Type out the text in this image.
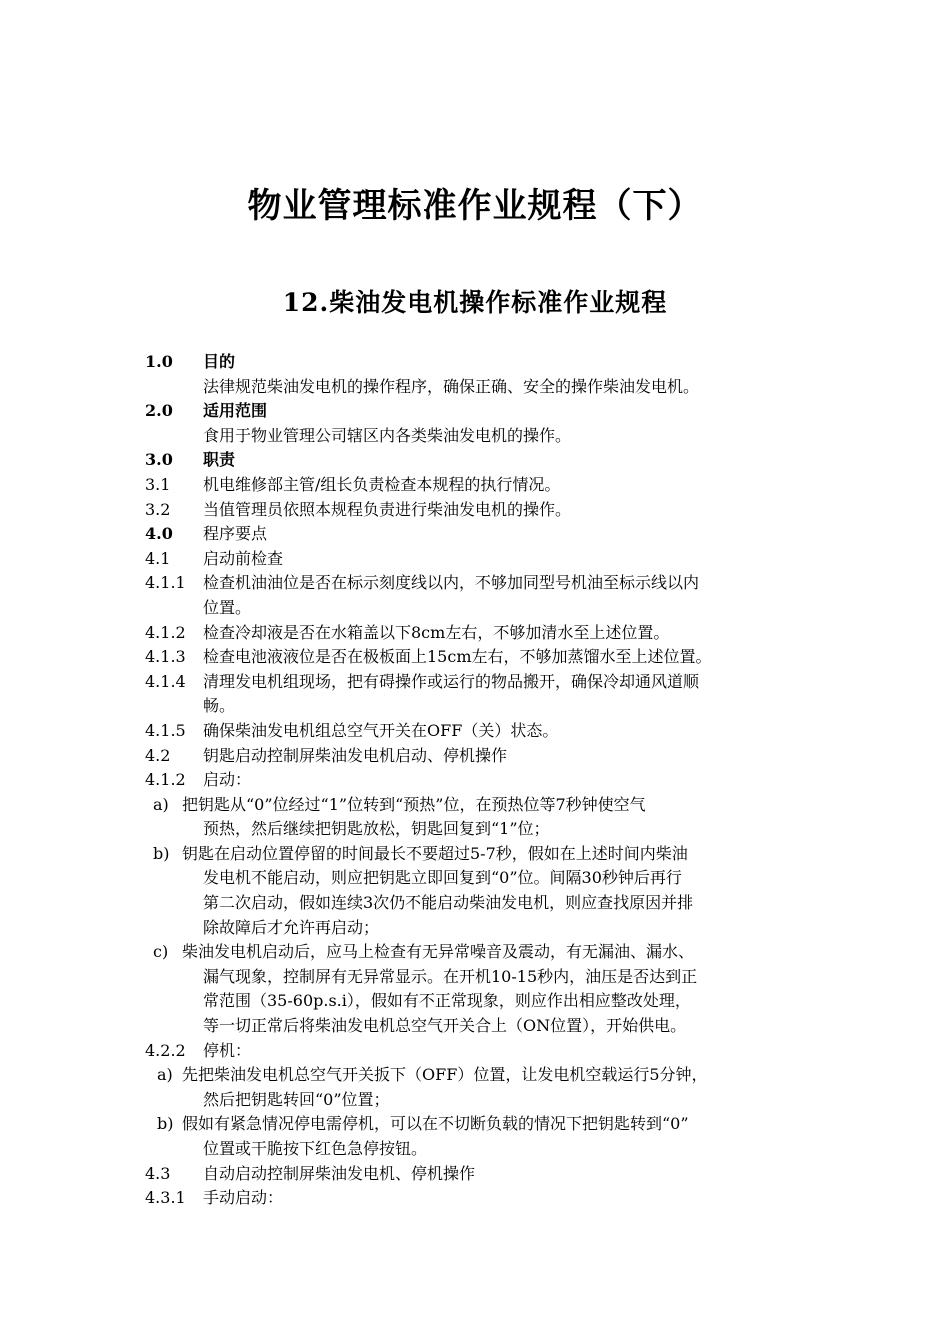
物业管理标准作业规程（下）
12.柴油发电机操作标准作业规程
1.0 目的
法律规范柴油发电机的操作程序，确保正确、安全的操作柴油发电机。
2.0 适用范围
食用于物业管理公司辖区内各类柴油发电机的操作。
3.0 职责
3.1 机电维修部主管/组长负责检查本规程的执行情况。
3.2 当值管理员依照本规程负责进行柴油发电机的操作。
4.0 程序要点
4.1 启动前检查
4.1.1 检查机油油位是否在标示刻度线以内，不够加同型号机油至标示线以内
位置。
4.1.2 检查冷却液是否在水箱盖以下8cm左右，不够加清水至上述位置。
4.1.3 检查电池液液位是否在极板面上15cm左右，不够加蒸馏水至上述位置。
4.1.4 清理发电机组现场，把有碍操作或运行的物品搬开，确保冷却通风道顺
畅。
4.1.5 确保柴油发电机组总空气开关在OFF（关）状态。
4.2 钥匙启动控制屏柴油发电机启动、停机操作
4.1.2 启动：
a) 把钥匙从“0”位经过“1”位转到“预热”位，在预热位等7秒钟使空气
预热，然后继续把钥匙放松，钥匙回复到“1”位；
b) 钥匙在启动位置停留的时间最长不要超过5-7秒，假如在上述时间内柴油
发电机不能启动，则应把钥匙立即回复到“0”位。间隔30秒钟后再行
第二次启动，假如连续3次仍不能启动柴油发电机，则应查找原因并排
除故障后才允许再启动；
c) 柴油发电机启动后，应马上检查有无异常噪音及震动，有无漏油、漏水、
漏气现象，控制屏有无异常显示。在开机10-15秒内，油压是否达到正
常范围（35-60p.s.i），假如有不正常现象，则应作出相应整改处理，
等一切正常后将柴油发电机总空气开关合上（ON位置），开始供电。
4.2.2 停机：
a) 先把柴油发电机总空气开关扳下（OFF）位置，让发电机空载运行5分钟，
然后把钥匙转回“0”位置；
b) 假如有紧急情况停电需停机，可以在不切断负载的情况下把钥匙转到“0”
位置或干脆按下红色急停按钮。
4.3 自动启动控制屏柴油发电机、停机操作
4.3.1 手动启动：
